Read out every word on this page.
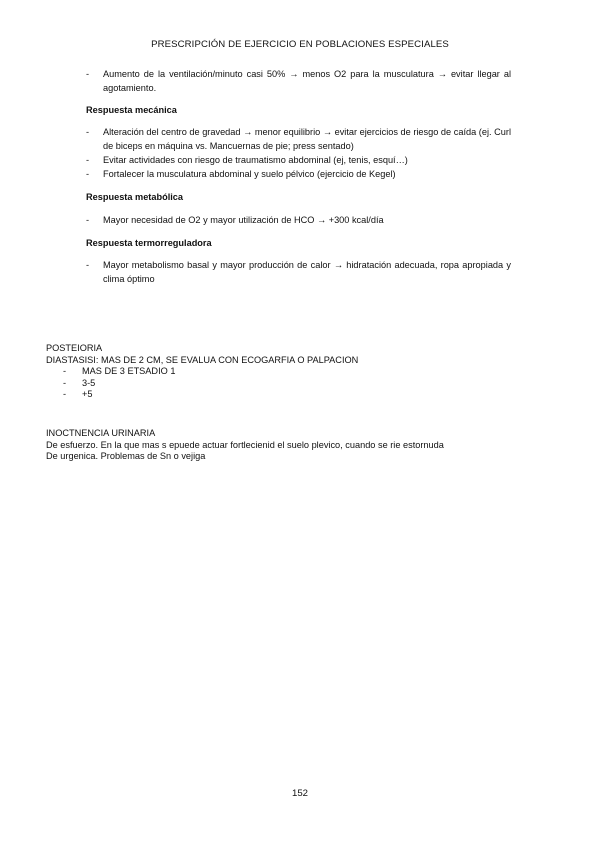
PRESCRIPCIÓN DE EJERCICIO EN POBLACIONES ESPECIALES

- Aumento de la ventilación/minuto casi 50% → menos O2 para la musculatura → evitar llegar al agotamiento.

Respuesta mecánica

- Alteración del centro de gravedad → menor equilibrio → evitar ejercicios de riesgo de caída (ej. Curl de biceps en máquina vs. Mancuernas de pie; press sentado)

- Evitar actividades con riesgo de traumatismo abdominal (ej, tenis, esquí…)

- Fortalecer la musculatura abdominal y suelo pélvico (ejercicio de Kegel)

Respuesta metabólica

- Mayor necesidad de O2 y mayor utilización de HCO → +300 kcal/día

Respuesta termorreguladora

- Mayor metabolismo basal y mayor producción de calor → hidratación adecuada, ropa apropiada y clima óptimo

POSTEIORIA

DIASTASISI: MAS DE 2 CM, SE EVALUA CON ECOGARFIA O PALPACION

- MAS DE 3 ETSADIO 1

- 3-5

- +5

INOCTNENCIA URINARIA

De esfuerzo. En la que mas s epuede actuar fortlecienid el suelo plevico, cuando se rie estornuda

De urgenica. Problemas de Sn o vejiga

152
